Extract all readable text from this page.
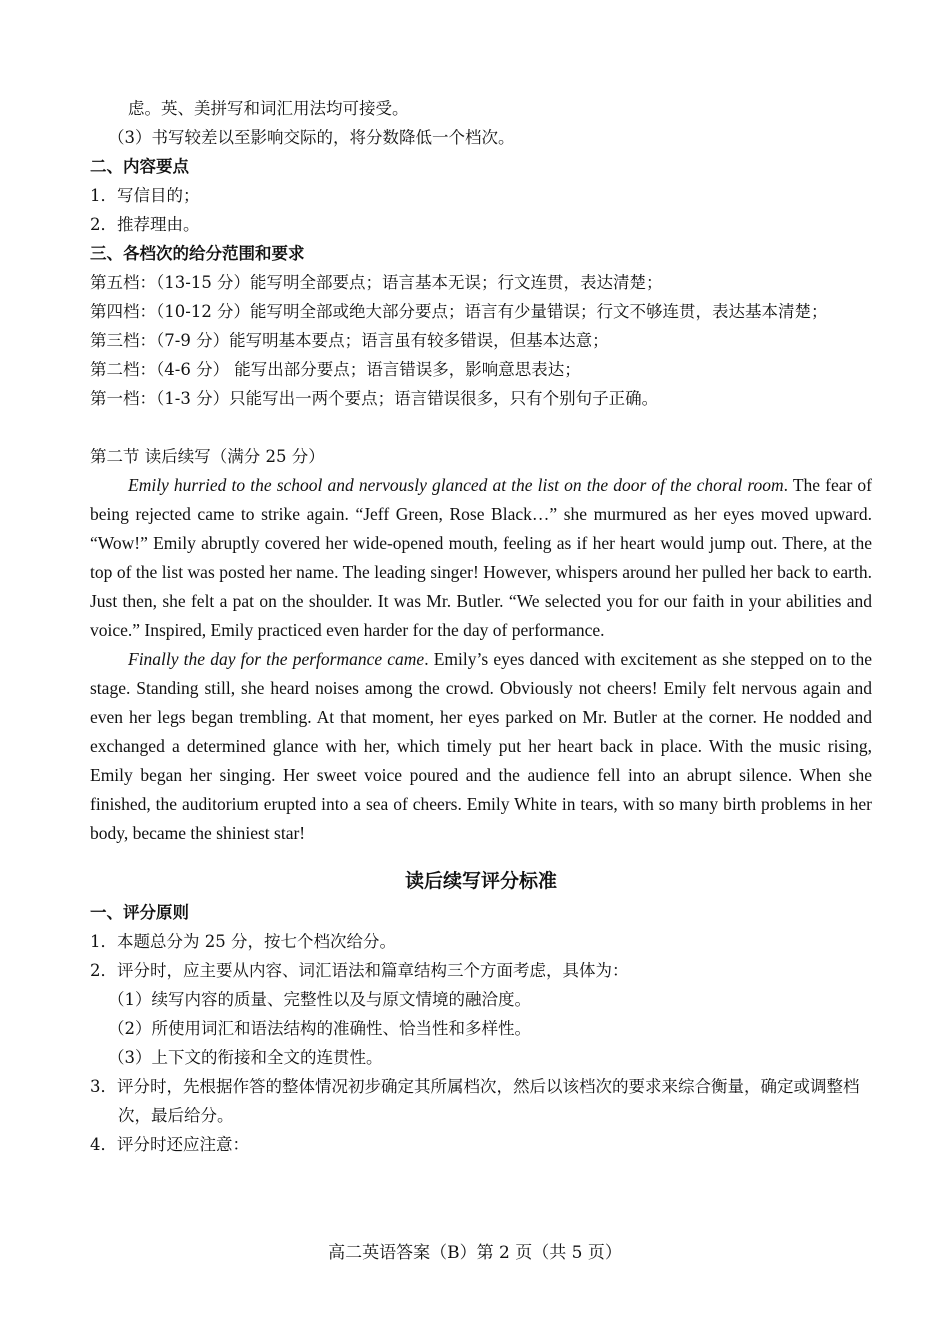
虑。英、美拼写和词汇用法均可接受。
（3）书写较差以至影响交际的，将分数降低一个档次。
二、内容要点
1．写信目的；
2．推荐理由。
三、各档次的给分范围和要求
第五档：（13-15 分）能写明全部要点；语言基本无误；行文连贯，表达清楚；
第四档：（10-12 分）能写明全部或绝大部分要点；语言有少量错误；行文不够连贯，表达基本清楚；
第三档：（7-9 分）能写明基本要点；语言虽有较多错误，但基本达意；
第二档：（4-6 分） 能写出部分要点；语言错误多，影响意思表达；
第一档：（1-3 分）只能写出一两个要点；语言错误很多，只有个别句子正确。
第二节 读后续写（满分 25 分）

Emily hurried to the school and nervously glanced at the list on the door of the choral room. The fear of being rejected came to strike again. “Jeff Green, Rose Black…” she murmured as her eyes moved upward. “Wow!” Emily abruptly covered her wide-opened mouth, feeling as if her heart would jump out. There, at the top of the list was posted her name. The leading singer! However, whispers around her pulled her back to earth. Just then, she felt a pat on the shoulder. It was Mr. Butler. “We selected you for our faith in your abilities and voice.” Inspired, Emily practiced even harder for the day of performance.

Finally the day for the performance came. Emily’s eyes danced with excitement as she stepped on to the stage. Standing still, she heard noises among the crowd. Obviously not cheers! Emily felt nervous again and even her legs began trembling. At that moment, her eyes parked on Mr. Butler at the corner. He nodded and exchanged a determined glance with her, which timely put her heart back in place. With the music rising, Emily began her singing. Her sweet voice poured and the audience fell into an abrupt silence. When she finished, the auditorium erupted into a sea of cheers. Emily White in tears, with so many birth problems in her body, became the shiniest star!

读后续写评分标准
一、评分原则
1．本题总分为 25 分，按七个档次给分。
2．评分时，应主要从内容、词汇语法和篇章结构三个方面考虑，具体为：
（1）续写内容的质量、完整性以及与原文情境的融洽度。
（2）所使用词汇和语法结构的准确性、恰当性和多样性。
（3）上下文的衔接和全文的连贯性。
3．评分时，先根据作答的整体情况初步确定其所属档次，然后以该档次的要求来综合衡量，确定或调整档次，最后给分。
4．评分时还应注意：
高二英语答案（B）第 2 页（共 5 页）
